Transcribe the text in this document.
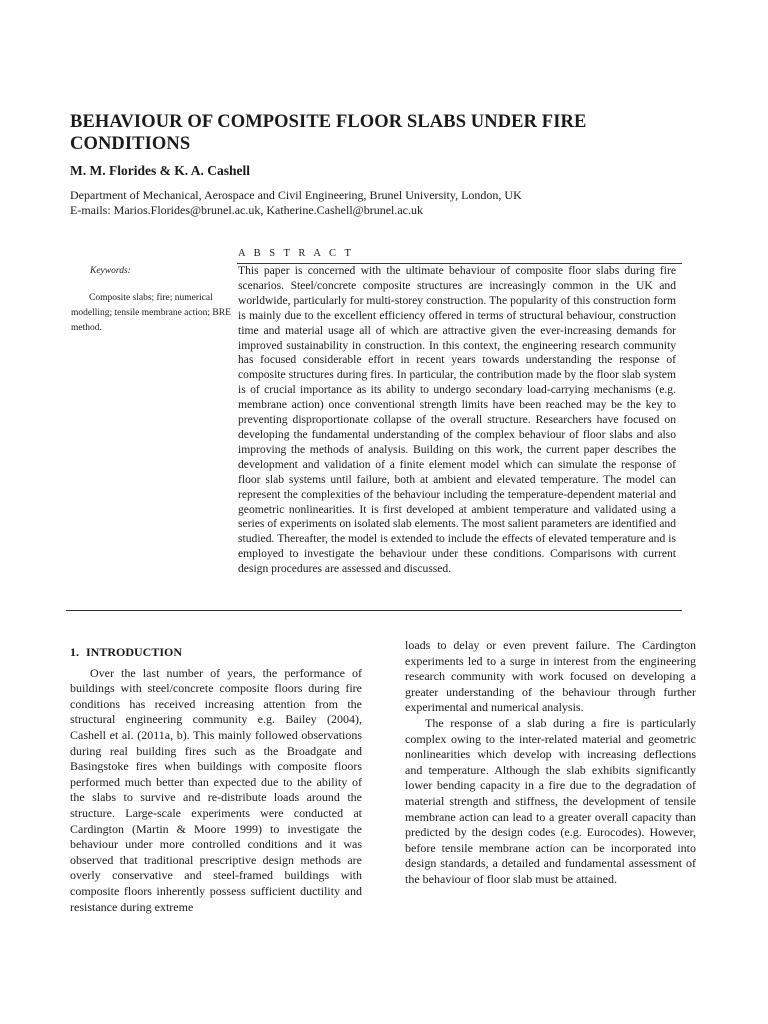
BEHAVIOUR OF COMPOSITE FLOOR SLABS UNDER FIRE CONDITIONS
M. M. Florides & K. A. Cashell
Department of Mechanical, Aerospace and Civil Engineering, Brunel University, London, UK
E-mails: Marios.Florides@brunel.ac.uk, Katherine.Cashell@brunel.ac.uk
A B S T R A C T
Keywords:
Composite slabs; fire; numerical modelling; tensile membrane action; BRE method.
This paper is concerned with the ultimate behaviour of composite floor slabs during fire scenarios. Steel/concrete composite structures are increasingly common in the UK and worldwide, particularly for multi-storey construction. The popularity of this construction form is mainly due to the excellent efficiency offered in terms of structural behaviour, construction time and material usage all of which are attractive given the ever-increasing demands for improved sustainability in construction. In this context, the engineering research community has focused considerable effort in recent years towards understanding the response of composite structures during fires. In particular, the contribution made by the floor slab system is of crucial importance as its ability to undergo secondary load-carrying mechanisms (e.g. membrane action) once conventional strength limits have been reached may be the key to preventing disproportionate collapse of the overall structure. Researchers have focused on developing the fundamental understanding of the complex behaviour of floor slabs and also improving the methods of analysis. Building on this work, the current paper describes the development and validation of a finite element model which can simulate the response of floor slab systems until failure, both at ambient and elevated temperature. The model can represent the complexities of the behaviour including the temperature-dependent material and geometric nonlinearities. It is first developed at ambient temperature and validated using a series of experiments on isolated slab elements. The most salient parameters are identified and studied. Thereafter, the model is extended to include the effects of elevated temperature and is employed to investigate the behaviour under these conditions. Comparisons with current design procedures are assessed and discussed.
1. INTRODUCTION

Over the last number of years, the performance of buildings with steel/concrete composite floors during fire conditions has received increasing attention from the structural engineering community e.g. Bailey (2004), Cashell et al. (2011a, b). This mainly followed observations during real building fires such as the Broadgate and Basingstoke fires when buildings with composite floors performed much better than expected due to the ability of the slabs to survive and re-distribute loads around the structure. Large-scale experiments were conducted at Cardington (Martin & Moore 1999) to investigate the behaviour under more controlled conditions and it was observed that traditional prescriptive design methods are overly conservative and steel-framed buildings with composite floors inherently possess sufficient ductility and resistance during extreme

loads to delay or even prevent failure. The Cardington experiments led to a surge in interest from the engineering research community with work focused on developing a greater understanding of the behaviour through further experimental and numerical analysis.

The response of a slab during a fire is particularly complex owing to the inter-related material and geometric nonlinearities which develop with increasing deflections and temperature. Although the slab exhibits significantly lower bending capacity in a fire due to the degradation of material strength and stiffness, the development of tensile membrane action can lead to a greater overall capacity than predicted by the design codes (e.g. Eurocodes). However, before tensile membrane action can be incorporated into design standards, a detailed and fundamental assessment of the behaviour of floor slab must be attained.
